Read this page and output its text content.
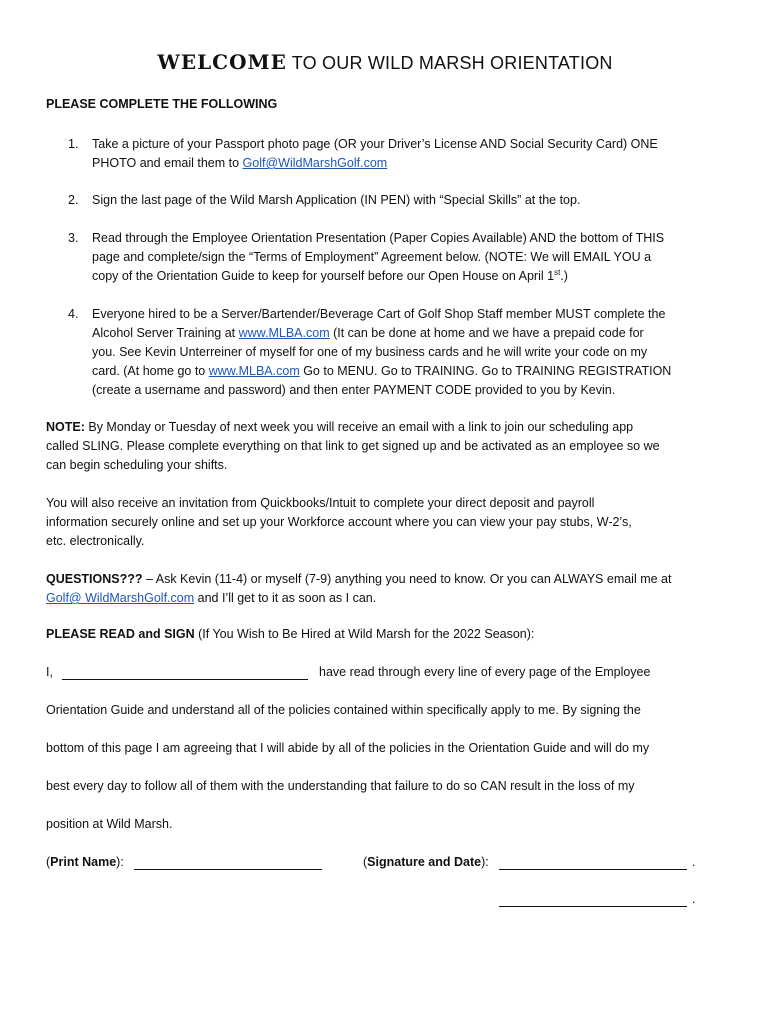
WELCOME TO OUR WILD MARSH ORIENTATION
PLEASE COMPLETE THE FOLLOWING
1.	Take a picture of your Passport photo page (OR your Driver’s License AND Social Security Card) ONE
PHOTO and email them to Golf@WildMarshGolf.com
2.	Sign the last page of the Wild Marsh Application (IN PEN) with “Special Skills” at the top.
3.	Read through the Employee Orientation Presentation (Paper Copies Available) AND the bottom of THIS
page and complete/sign the “Terms of Employment” Agreement below. (NOTE: We will EMAIL YOU a
copy of the Orientation Guide to keep for yourself before our Open House on April 1st.)
4.	Everyone hired to be a Server/Bartender/Beverage Cart of Golf Shop Staff member MUST complete the
Alcohol Server Training at www.MLBA.com (It can be done at home and we have a prepaid code for
you. See Kevin Unterreiner of myself for one of my business cards and he will write your code on my
card. (At home go to www.MLBA.com Go to MENU. Go to TRAINING. Go to TRAINING REGISTRATION
(create a username and password) and then enter PAYMENT CODE provided to you by Kevin.
NOTE: By Monday or Tuesday of next week you will receive an email with a link to join our scheduling app
called SLING. Please complete everything on that link to get signed up and be activated as an employee so we
can begin scheduling your shifts.
You will also receive an invitation from Quickbooks/Intuit to complete your direct deposit and payroll
information securely online and set up your Workforce account where you can view your pay stubs, W-2’s,
etc. electronically.
QUESTIONS??? – Ask Kevin (11-4) or myself (7-9) anything you need to know. Or you can ALWAYS email me at
Golf@ WildMarshGolf.com and I’ll get to it as soon as I can.
PLEASE READ and SIGN (If You Wish to Be Hired at Wild Marsh for the 2022 Season):
I,	have read through every line of every page of the Employee
Orientation Guide and understand all of the policies contained within specifically apply to me. By signing the
bottom of this page I am agreeing that I will abide by all of the policies in the Orientation Guide and will do my
best every day to follow all of them with the understanding that failure to do so CAN result in the loss of my
position at Wild Marsh.
(Print Name):	(Signature and Date):	.
.
